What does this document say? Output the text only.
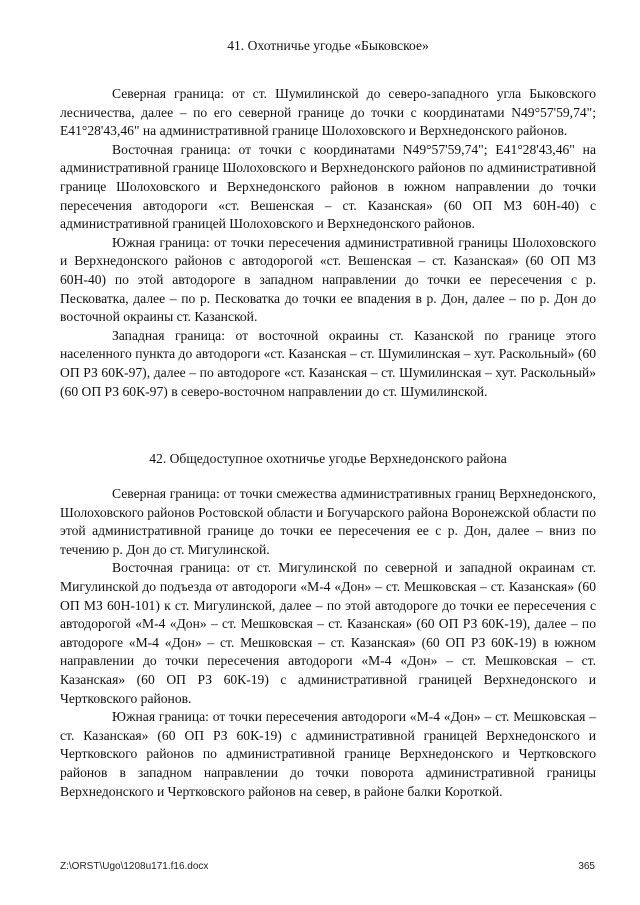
41. Охотничье угодье «Быковское»

Северная граница: от ст. Шумилинской до северо-западного угла Быковского лесничества, далее – по его северной границе до точки с координатами N49°57'59,74"; E41°28'43,46" на административной границе Шолоховского и Верхнедонского районов.

Восточная граница: от точки с координатами N49°57'59,74"; E41°28'43,46" на административной границе Шолоховского и Верхнедонского районов по административной границе Шолоховского и Верхнедонского районов в южном направлении до точки пересечения автодороги «ст. Вешенская – ст. Казанская» (60 ОП МЗ 60Н-40) с административной границей Шолоховского и Верхнедонского районов.

Южная граница: от точки пересечения административной границы Шолоховского и Верхнедонского районов с автодорогой «ст. Вешенская – ст. Казанская» (60 ОП МЗ 60Н-40) по этой автодороге в западном направлении до точки ее пересечения с р. Песковатка, далее – по р. Песковатка до точки ее впадения в р. Дон, далее – по р. Дон до восточной окраины ст. Казанской.

Западная граница: от восточной окраины ст. Казанской по границе этого населенного пункта до автодороги «ст. Казанская – ст. Шумилинская – хут. Раскольный» (60 ОП РЗ 60К-97), далее – по автодороге «ст. Казанская – ст. Шумилинская – хут. Раскольный» (60 ОП РЗ 60К-97) в северо-восточном направлении до ст. Шумилинской.

42. Общедоступное охотничье угодье Верхнедонского района

Северная граница: от точки смежества административных границ Верхнедонского, Шолоховского районов Ростовской области и Богучарского района Воронежской области по этой административной границе до точки ее пересечения ее с р. Дон, далее – вниз по течению р. Дон до ст. Мигулинской.

Восточная граница: от ст. Мигулинской по северной и западной окраинам ст. Мигулинской до подъезда от автодороги «М-4 «Дон» – ст. Мешковская – ст. Казанская» (60 ОП МЗ 60Н-101) к ст. Мигулинской, далее – по этой автодороге до точки ее пересечения с автодорогой «М-4 «Дон» – ст. Мешковская – ст. Казанская» (60 ОП РЗ 60К-19), далее – по автодороге «М-4 «Дон» – ст. Мешковская – ст. Казанская» (60 ОП РЗ 60К-19) в южном направлении до точки пересечения автодороги «М-4 «Дон» – ст. Мешковская – ст. Казанская» (60 ОП РЗ 60К-19) с административной границей Верхнедонского и Чертковского районов.

Южная граница: от точки пересечения автодороги «М-4 «Дон» – ст. Мешковская – ст. Казанская» (60 ОП РЗ 60К-19) с административной границей Верхнедонского и Чертковского районов по административной границе Верхнедонского и Чертковского районов в западном направлении до точки поворота административной границы Верхнедонского и Чертковского районов на север, в районе балки Короткой.

Z:\ORST\Ugo\1208u171.f16.docx	365
